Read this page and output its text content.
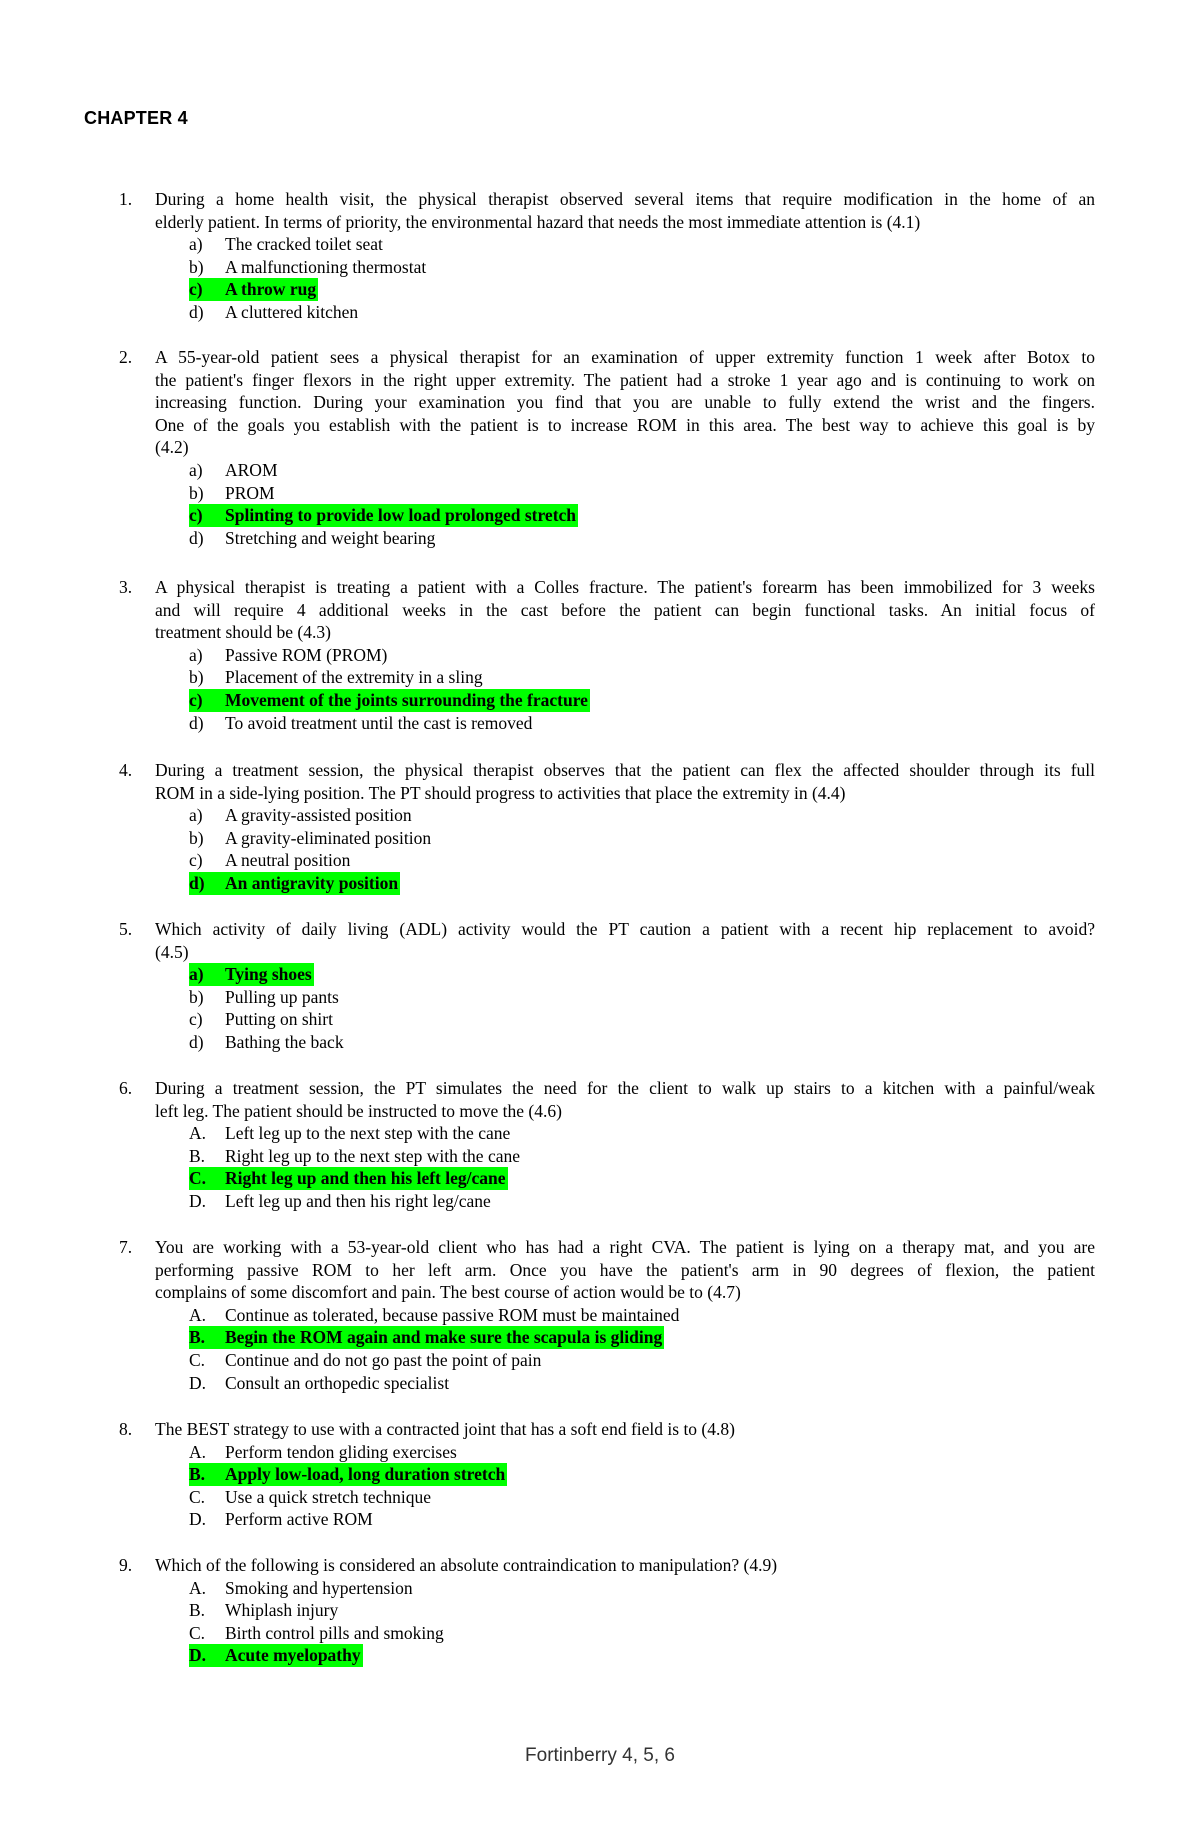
CHAPTER 4
1. During a home health visit, the physical therapist observed several items that require modification in the home of an
elderly patient. In terms of priority, the environmental hazard that needs the most immediate attention is (4.1)
a) The cracked toilet seat
b) A malfunctioning thermostat
c) A throw rug
d) A cluttered kitchen
2. A 55-year-old patient sees a physical therapist for an examination of upper extremity function 1 week after Botox to
the patient's finger flexors in the right upper extremity. The patient had a stroke 1 year ago and is continuing to work on
increasing function. During your examination you find that you are unable to fully extend the wrist and the fingers.
One of the goals you establish with the patient is to increase ROM in this area. The best way to achieve this goal is by
(4.2)
a) AROM
b) PROM
c) Splinting to provide low load prolonged stretch
d) Stretching and weight bearing
3. A physical therapist is treating a patient with a Colles fracture. The patient's forearm has been immobilized for 3 weeks
and will require 4 additional weeks in the cast before the patient can begin functional tasks. An initial focus of
treatment should be (4.3)
a) Passive ROM (PROM)
b) Placement of the extremity in a sling
c) Movement of the joints surrounding the fracture
d) To avoid treatment until the cast is removed
4. During a treatment session, the physical therapist observes that the patient can flex the affected shoulder through its full
ROM in a side-lying position. The PT should progress to activities that place the extremity in (4.4)
a) A gravity-assisted position
b) A gravity-eliminated position
c) A neutral position
d) An antigravity position
5. Which activity of daily living (ADL) activity would the PT caution a patient with a recent hip replacement to avoid?
(4.5)
a) Tying shoes
b) Pulling up pants
c) Putting on shirt
d) Bathing the back
6. During a treatment session, the PT simulates the need for the client to walk up stairs to a kitchen with a painful/weak
left leg. The patient should be instructed to move the (4.6)
A. Left leg up to the next step with the cane
B. Right leg up to the next step with the cane
C. Right leg up and then his left leg/cane
D. Left leg up and then his right leg/cane
7. You are working with a 53-year-old client who has had a right CVA. The patient is lying on a therapy mat, and you are
performing passive ROM to her left arm. Once you have the patient's arm in 90 degrees of flexion, the patient
complains of some discomfort and pain. The best course of action would be to (4.7)
A. Continue as tolerated, because passive ROM must be maintained
B. Begin the ROM again and make sure the scapula is gliding
C. Continue and do not go past the point of pain
D. Consult an orthopedic specialist
8. The BEST strategy to use with a contracted joint that has a soft end field is to (4.8)
A. Perform tendon gliding exercises
B. Apply low-load, long duration stretch
C. Use a quick stretch technique
D. Perform active ROM
9. Which of the following is considered an absolute contraindication to manipulation? (4.9)
A. Smoking and hypertension
B. Whiplash injury
C. Birth control pills and smoking
D. Acute myelopathy
Fortinberry 4, 5, 6
